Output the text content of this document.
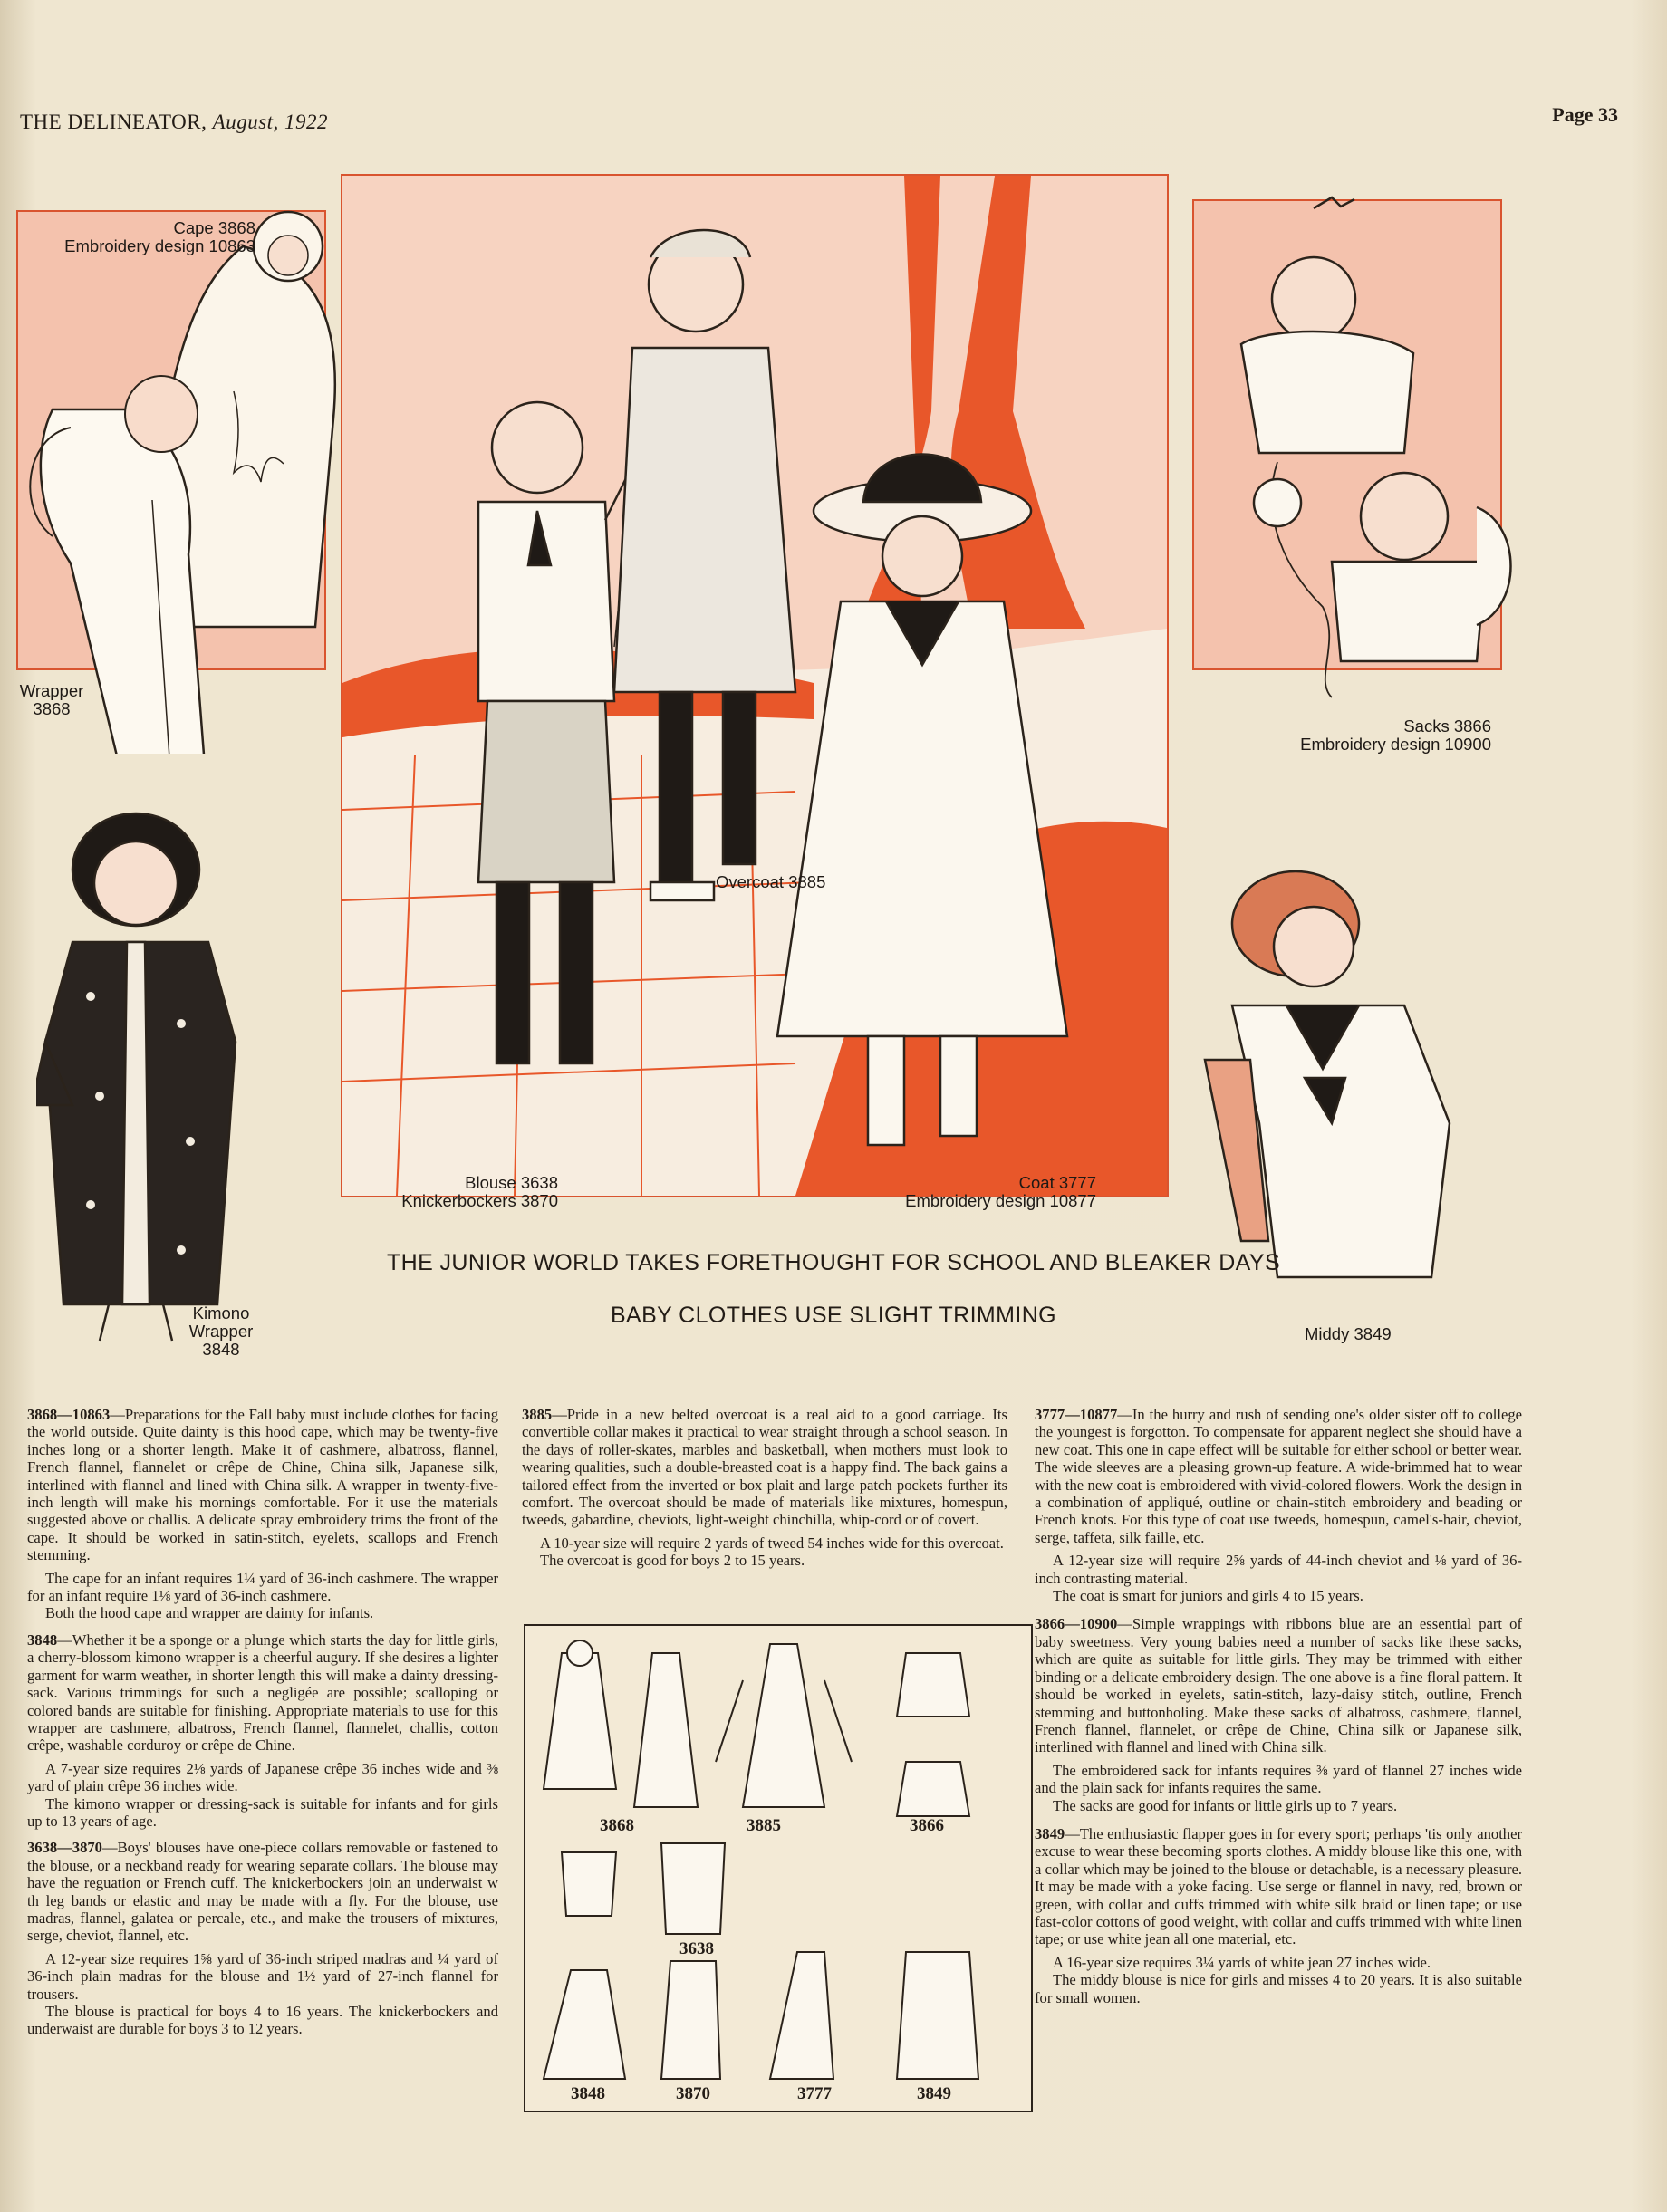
THE DELINEATOR, August, 1922	Page 33
Cape 3868
Embroidery design 10863
Wrapper
3868
Overcoat 3885
Blouse 3638
Knickerbockers 3870
Coat 3777
Embroidery design 10877
Sacks 3866
Embroidery design 10900
Kimono
Wrapper
3848
Middy 3849
THE JUNIOR WORLD TAKES FORETHOUGHT FOR SCHOOL AND BLEAKER DAYS
BABY CLOTHES USE SLIGHT TRIMMING

3868—10863—Preparations for the Fall baby must include clothes for facing the world outside. Quite dainty is this hood cape, which may be twenty-five inches long or a shorter length. Make it of cashmere, albatross, flannel, French flannel, flannelet or crêpe de Chine, China silk, Japanese silk, interlined with flannel and lined with China silk. A wrapper in twenty-five-inch length will make his mornings comfortable. For it use the materials suggested above or challis. A delicate spray embroidery trims the front of the cape. It should be worked in satin-stitch, eyelets, scallops and French stemming.

The cape for an infant requires 1¼ yard of 36-inch cashmere. The wrapper for an infant require 1⅛ yard of 36-inch cashmere.

Both the hood cape and wrapper are dainty for infants.

3848—Whether it be a sponge or a plunge which starts the day for little girls, a cherry-blossom kimono wrapper is a cheerful augury. If she desires a lighter garment for warm weather, in shorter length this will make a dainty dressing-sack. Various trimmings for such a negligée are possible; scalloping or colored bands are suitable for finishing. Appropriate materials to use for this wrapper are cashmere, albatross, French flannel, flannelet, challis, cotton crêpe, washable corduroy or crêpe de Chine.

A 7-year size requires 2⅛ yards of Japanese crêpe 36 inches wide and ⅜ yard of plain crêpe 36 inches wide.

The kimono wrapper or dressing-sack is suitable for infants and for girls up to 13 years of age.

3638—3870—Boys' blouses have one-piece collars removable or fastened to the blouse, or a neckband ready for wearing separate collars. The blouse may have the reguation or French cuff. The knickerbockers join an underwaist w th leg bands or elastic and may be made with a fly. For the blouse, use madras, flannel, galatea or percale, etc., and make the trousers of mixtures, serge, cheviot, flannel, etc.

A 12-year size requires 1⅝ yard of 36-inch striped madras and ¼ yard of 36-inch plain madras for the blouse and 1½ yard of 27-inch flannel for trousers.

The blouse is practical for boys 4 to 16 years. The knickerbockers and underwaist are durable for boys 3 to 12 years.

3885—Pride in a new belted overcoat is a real aid to a good carriage. Its convertible collar makes it practical to wear straight through a school season. In the days of roller-skates, marbles and basketball, when mothers must look to wearing qualities, such a double-breasted coat is a happy find. The back gains a tailored effect from the inverted or box plait and large patch pockets further its comfort. The overcoat should be made of materials like mixtures, homespun, tweeds, gabardine, cheviots, light-weight chinchilla, whip-cord or of covert.

A 10-year size will require 2 yards of tweed 54 inches wide for this overcoat.

The overcoat is good for boys 2 to 15 years.

3868	3885	3866
3638
3848	3870	3777	3849

3777—10877—In the hurry and rush of sending one's older sister off to college the youngest is forgotton. To compensate for apparent neglect she should have a new coat. This one in cape effect will be suitable for either school or better wear. The wide sleeves are a pleasing grown-up feature. A wide-brimmed hat to wear with the new coat is embroidered with vivid-colored flowers. Work the design in a combination of appliqué, outline or chain-stitch embroidery and beading or French knots. For this type of coat use tweeds, homespun, camel's-hair, cheviot, serge, taffeta, silk faille, etc.

A 12-year size will require 2⅝ yards of 44-inch cheviot and ⅛ yard of 36-inch contrasting material.

The coat is smart for juniors and girls 4 to 15 years.

3866—10900—Simple wrappings with ribbons blue are an essential part of baby sweetness. Very young babies need a number of sacks like these sacks, which are quite as suitable for little girls. They may be trimmed with either binding or a delicate embroidery design. The one above is a fine floral pattern. It should be worked in eyelets, satin-stitch, lazy-daisy stitch, outline, French stemming and buttonholing. Make these sacks of albatross, cashmere, flannel, French flannel, flannelet, or crêpe de Chine, China silk or Japanese silk, interlined with flannel and lined with China silk.

The embroidered sack for infants requires ⅜ yard of flannel 27 inches wide and the plain sack for infants requires the same.

The sacks are good for infants or little girls up to 7 years.

3849—The enthusiastic flapper goes in for every sport; perhaps 'tis only another excuse to wear these becoming sports clothes. A middy blouse like this one, with a collar which may be joined to the blouse or detachable, is a necessary pleasure. It may be made with a yoke facing. Use serge or flannel in navy, red, brown or green, with collar and cuffs trimmed with white silk braid or linen tape; or use fast-color cottons of good weight, with collar and cuffs trimmed with white linen tape; or use white jean all one material, etc.

A 16-year size requires 3¼ yards of white jean 27 inches wide.

The middy blouse is nice for girls and misses 4 to 20 years. It is also suitable for small women.
